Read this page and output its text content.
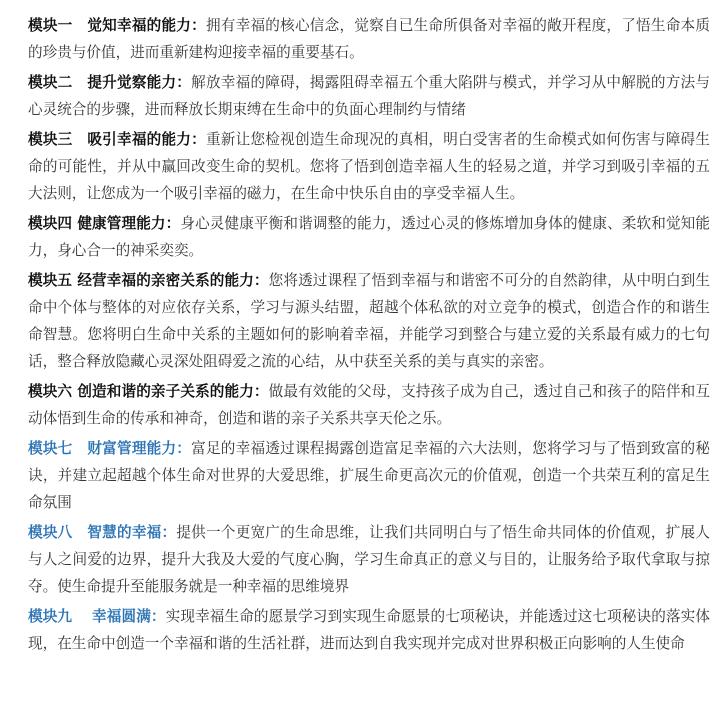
模块一　觉知幸福的能力：拥有幸福的核心信念，觉察自已生命所俱备对幸福的敞开程度，了悟生命本质的珍贵与价值，进而重新建构迎接幸福的重要基石。

模块二　提升觉察能力：解放幸福的障碍，揭露阻碍幸福五个重大陷阱与模式，并学习从中解脱的方法与心灵统合的步骤，进而释放长期束缚在生命中的负面心理制约与情绪

模块三　吸引幸福的能力：重新让您检视创造生命现况的真相，明白受害者的生命模式如何伤害与障碍生命的可能性，并从中赢回改变生命的契机。您将了悟到创造幸福人生的轻易之道，并学习到吸引幸福的五大法则，让您成为一个吸引幸福的磁力，在生命中快乐自由的享受幸福人生。

模块四 健康管理能力：身心灵健康平衡和谐调整的能力，透过心灵的修炼增加身体的健康、柔软和觉知能力，身心合一的神采奕奕。

模块五 经营幸福的亲密关系的能力：您将透过课程了悟到幸福与和谐密不可分的自然韵律，从中明白到生命中个体与整体的对应依存关系，学习与源头结盟，超越个体私欲的对立竞争的模式，创造合作的和谐生命智慧。您将明白生命中关系的主题如何的影响着幸福，并能学习到整合与建立爱的关系最有威力的七句话，整合释放隐藏心灵深处阻碍爱之流的心结，从中获至关系的美与真实的亲密。

模块六 创造和谐的亲子关系的能力：做最有效能的父母，支持孩子成为自己，透过自己和孩子的陪伴和互动体悟到生命的传承和神奇，创造和谐的亲子关系共享天伦之乐。

模块七　财富管理能力：富足的幸福透过课程揭露创造富足幸福的六大法则，您将学习与了悟到致富的秘诀，并建立起超越个体生命对世界的大爱思维，扩展生命更高次元的价值观，创造一个共荣互利的富足生命氛围

模块八　智慧的幸福：提供一个更宽广的生命思维，让我们共同明白与了悟生命共同体的价值观，扩展人与人之间爱的边界，提升大我及大爱的气度心胸，学习生命真正的意义与目的，让服务给予取代拿取与掠夺。使生命提升至能服务就是一种幸福的思维境界

模块九　 幸福圆满：实现幸福生命的愿景学习到实现生命愿景的七项秘诀，并能透过这七项秘诀的落实体现，在生命中创造一个幸福和谐的生活社群，进而达到自我实现并完成对世界积极正向影响的人生使命
